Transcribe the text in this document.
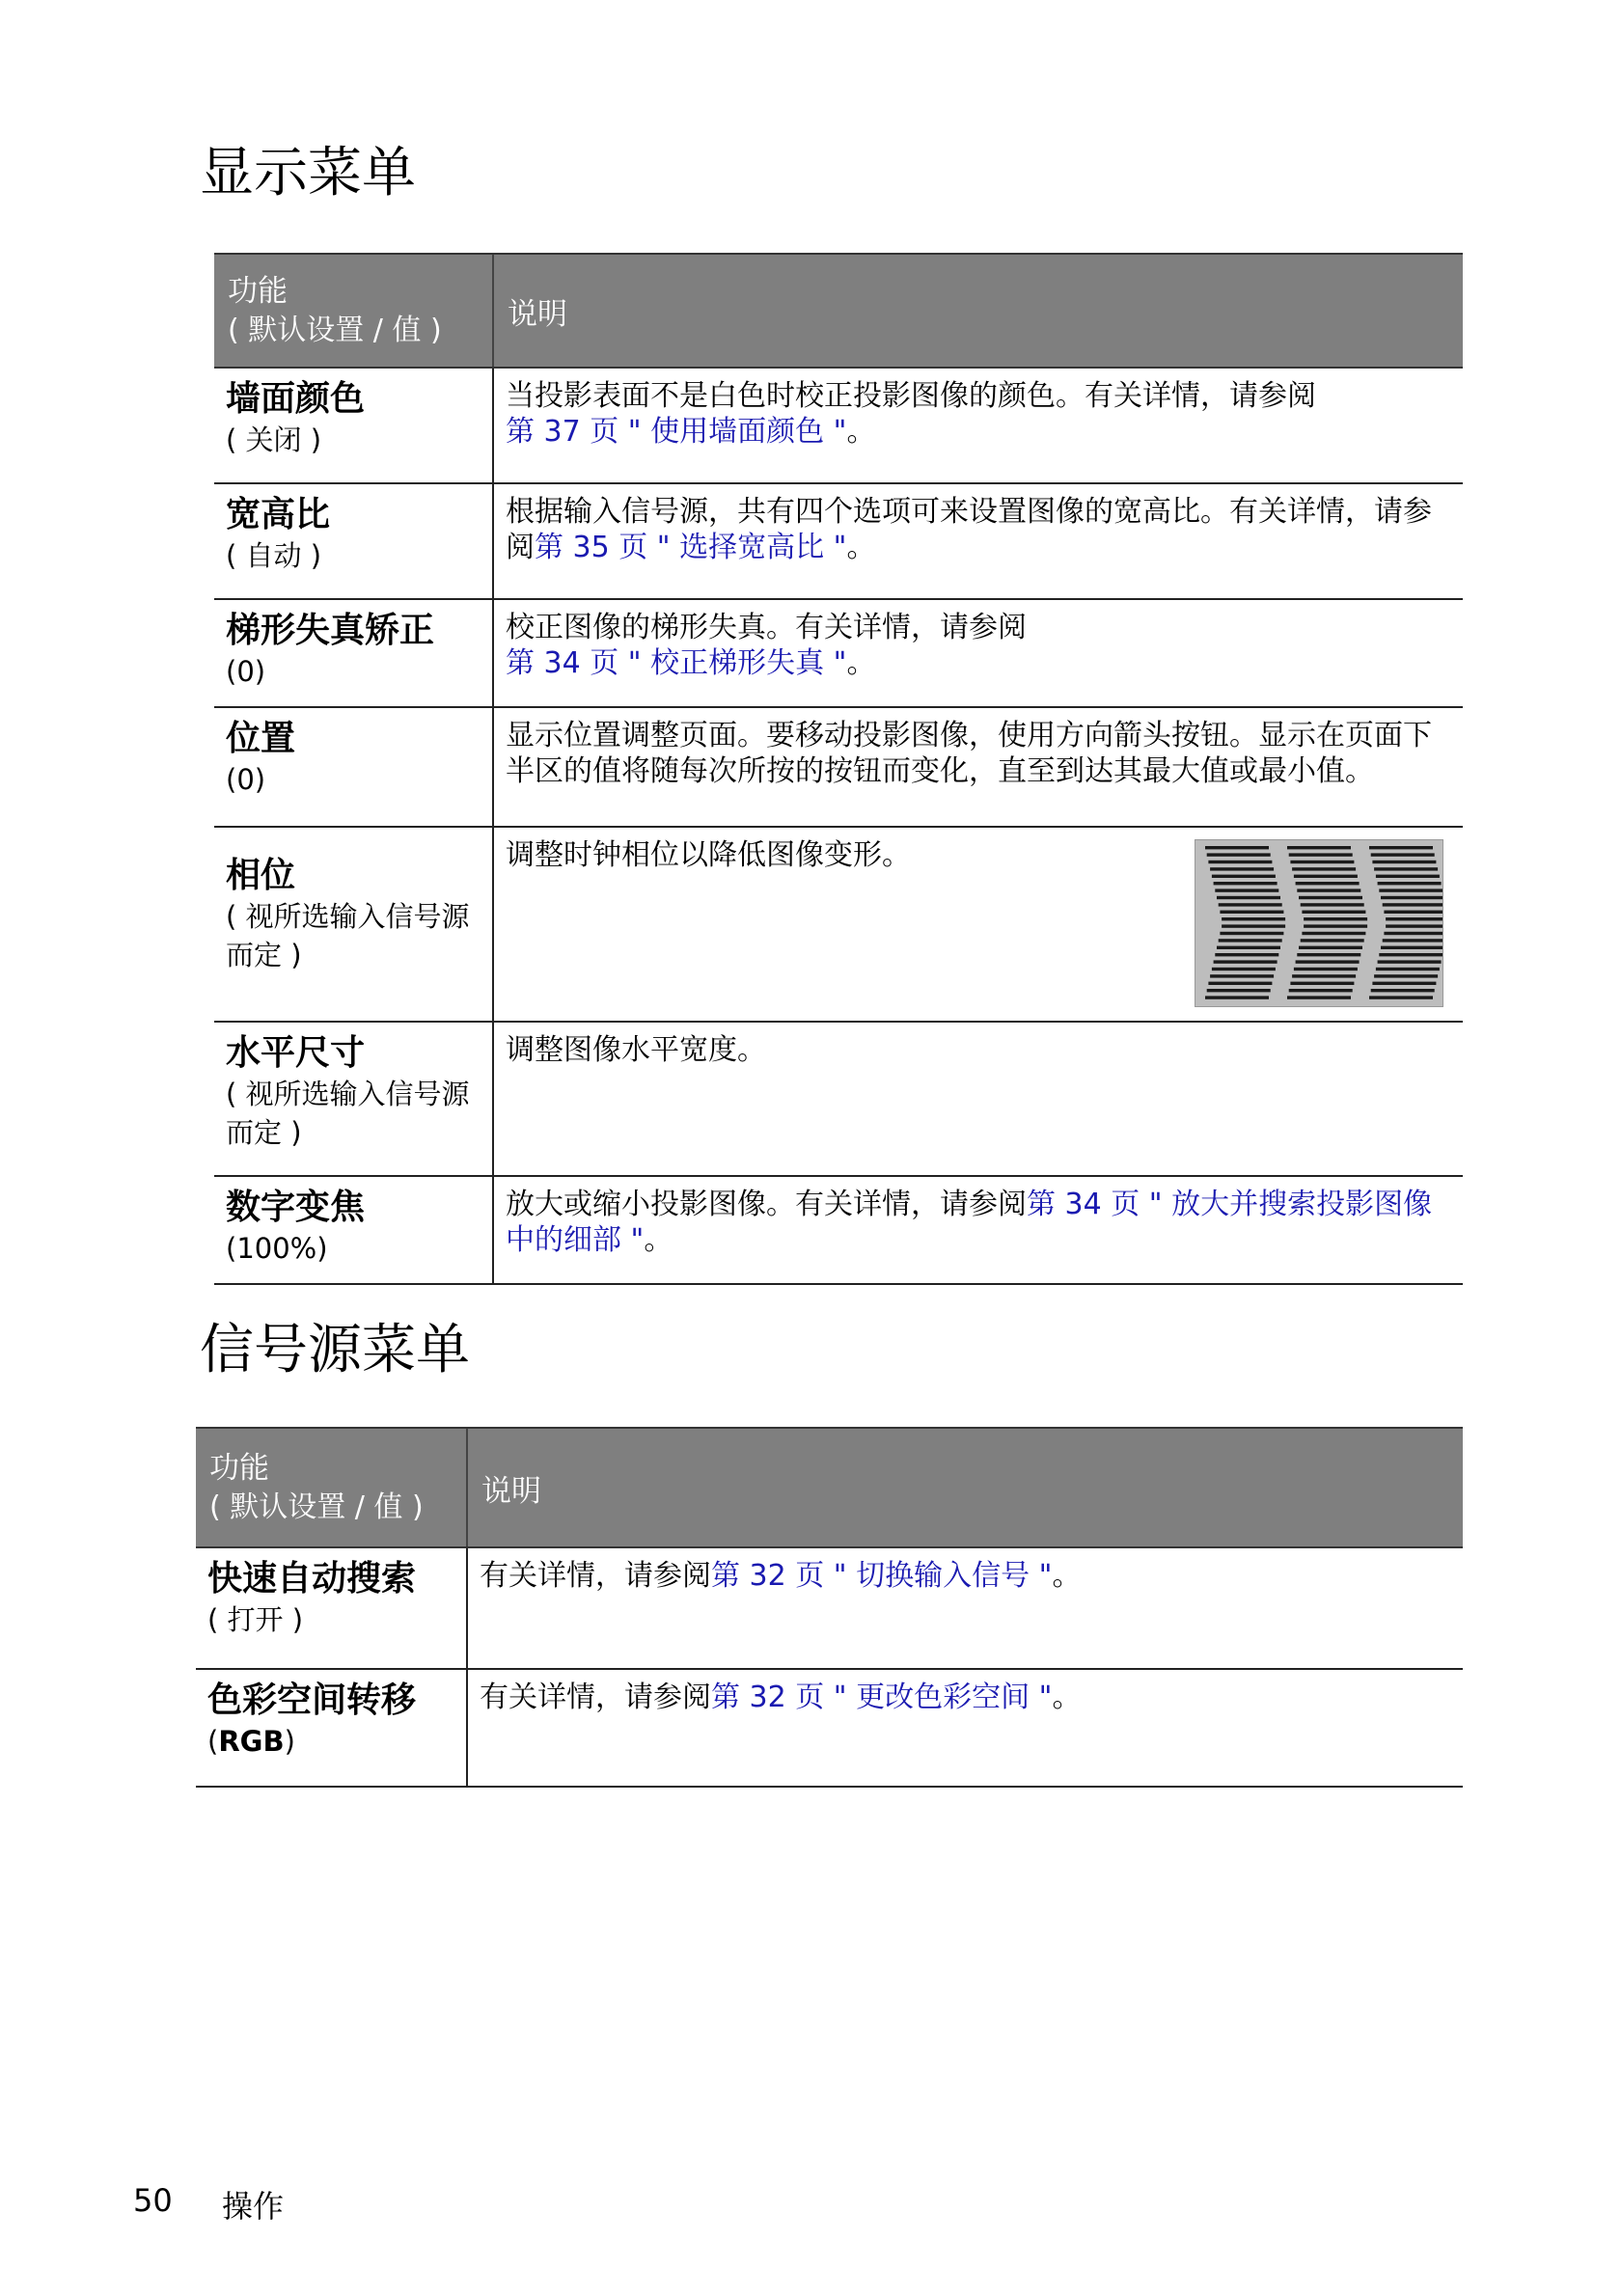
显示菜单
功能
( 默认设置 / 值 )	说明

墙面颜色
( 关闭 )	当投影表面不是白色时校正投影图像的颜色。有关详情，请参阅
第 37 页 " 使用墙面颜色 "。

宽高比
( 自动 )	根据输入信号源，共有四个选项可来设置图像的宽高比。有关详情，请参阅第 35 页 " 选择宽高比 "。

梯形失真矫正
(0)	校正图像的梯形失真。有关详情，请参阅
第 34 页 " 校正梯形失真 "。

位置
(0)	显示位置调整页面。要移动投影图像，使用方向箭头按钮。显示在页面下半区的值将随每次所按的按钮而变化，直至到达其最大值或最小值。

相位
( 视所选输入信号源而定 )	调整时钟相位以降低图像变形。

水平尺寸
( 视所选输入信号源而定 )	调整图像水平宽度。

数字变焦
(100%)	放大或缩小投影图像。有关详情，请参阅第 34 页 " 放大并搜索投影图像中的细部 "。
信号源菜单
功能
( 默认设置 / 值 )	说明

快速自动搜索
( 打开 )	有关详情，请参阅第 32 页 " 切换输入信号 "。

色彩空间转移
(RGB)	有关详情，请参阅第 32 页 " 更改色彩空间 "。
50 操作
